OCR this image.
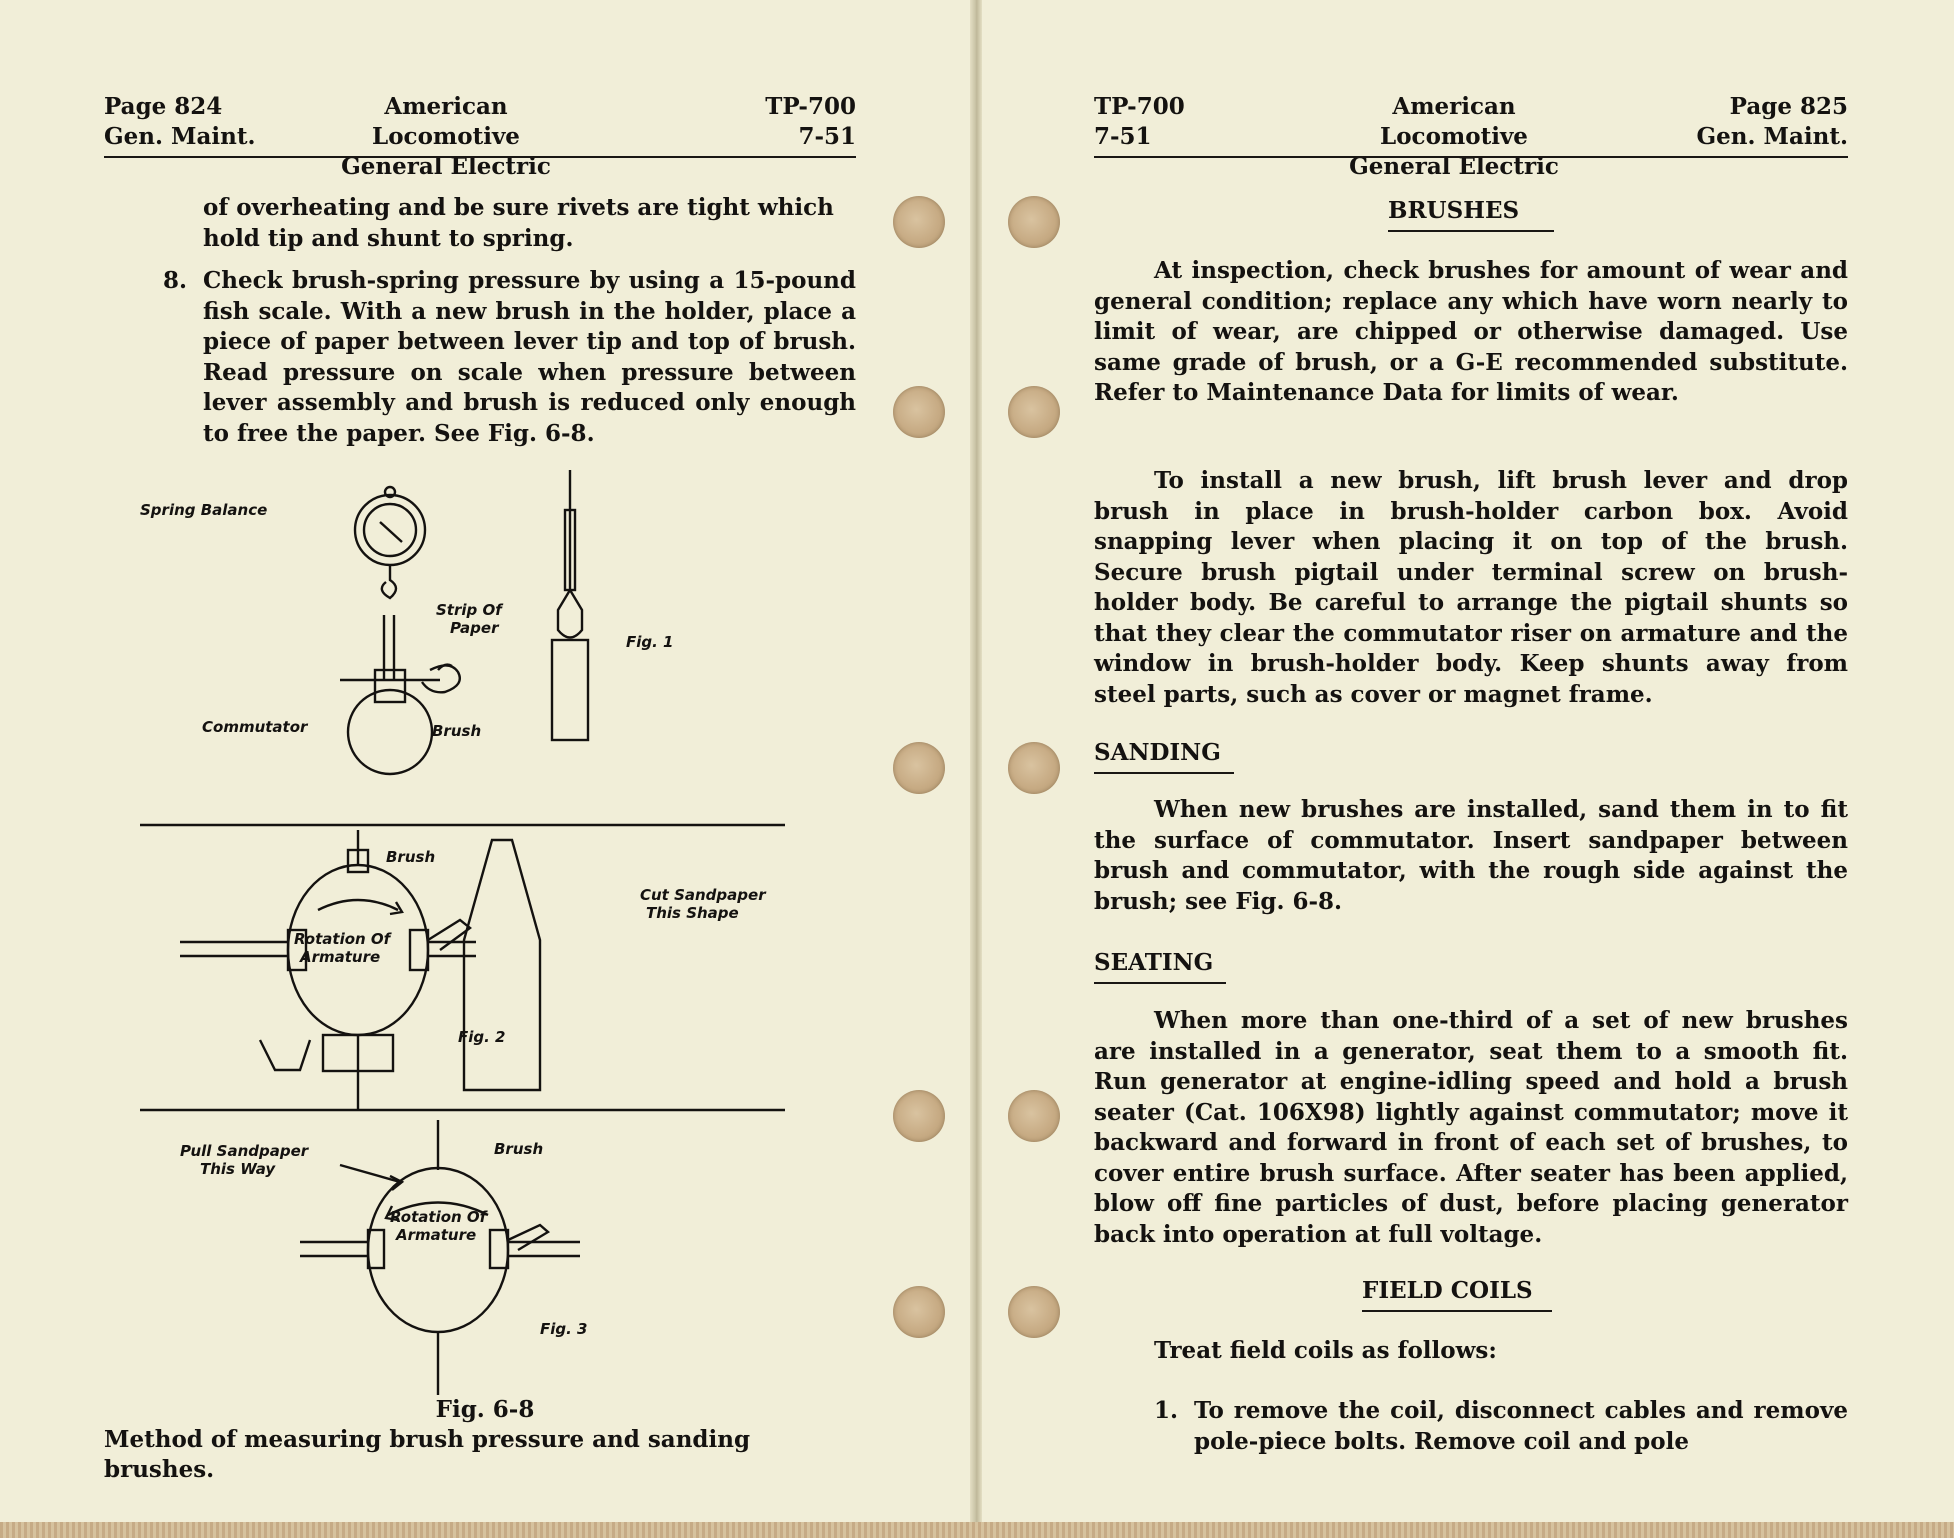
Page 824
Gen. Maint.
American Locomotive
General Electric
TP-700
7-51

of overheating and be sure rivets are tight which

hold tip and shunt to spring.

8. Check brush-spring pressure by using a 15-pound fish scale. With a new brush in the holder, place a piece of paper between lever tip and top of brush. Read pressure on scale when pressure between lever assembly and brush is reduced only enough to free the paper. See Fig. 6-8.
Spring Balance
Strip Of
Paper
Fig. 1
Commutator	Brush
Brush
Rotation Of
Armature
Cut Sandpaper
This Shape
Fig. 2
Pull Sandpaper
This Way
Brush
Rotation Of
Armature
Fig. 3
Fig. 6-8
Method of measuring brush pressure and sanding brushes.
TP-700
7-51
American Locomotive
General Electric
Page 825
Gen. Maint.
BRUSHES
At inspection, check brushes for amount of wear and general condition; replace any which have worn nearly to limit of wear, are chipped or otherwise damaged. Use same grade of brush, or a G-E recommended substitute. Refer to Maintenance Data for limits of wear.
To install a new brush, lift brush lever and drop brush in place in brush-holder carbon box. Avoid snapping lever when placing it on top of the brush. Secure brush pigtail under terminal screw on brush-holder body. Be careful to arrange the pigtail shunts so that they clear the commutator riser on armature and the window in brush-holder body. Keep shunts away from steel parts, such as cover or magnet frame.
SANDING
When new brushes are installed, sand them in to fit the surface of commutator. Insert sandpaper between brush and commutator, with the rough side against the brush; see Fig. 6-8.
SEATING
When more than one-third of a set of new brushes are installed in a generator, seat them to a smooth fit. Run generator at engine-idling speed and hold a brush seater (Cat. 106X98) lightly against commutator; move it backward and forward in front of each set of brushes, to cover entire brush surface. After seater has been applied, blow off fine particles of dust, before placing generator back into operation at full voltage.
FIELD COILS
Treat field coils as follows:
1. To remove the coil, disconnect cables and remove pole-piece bolts. Remove coil and pole
